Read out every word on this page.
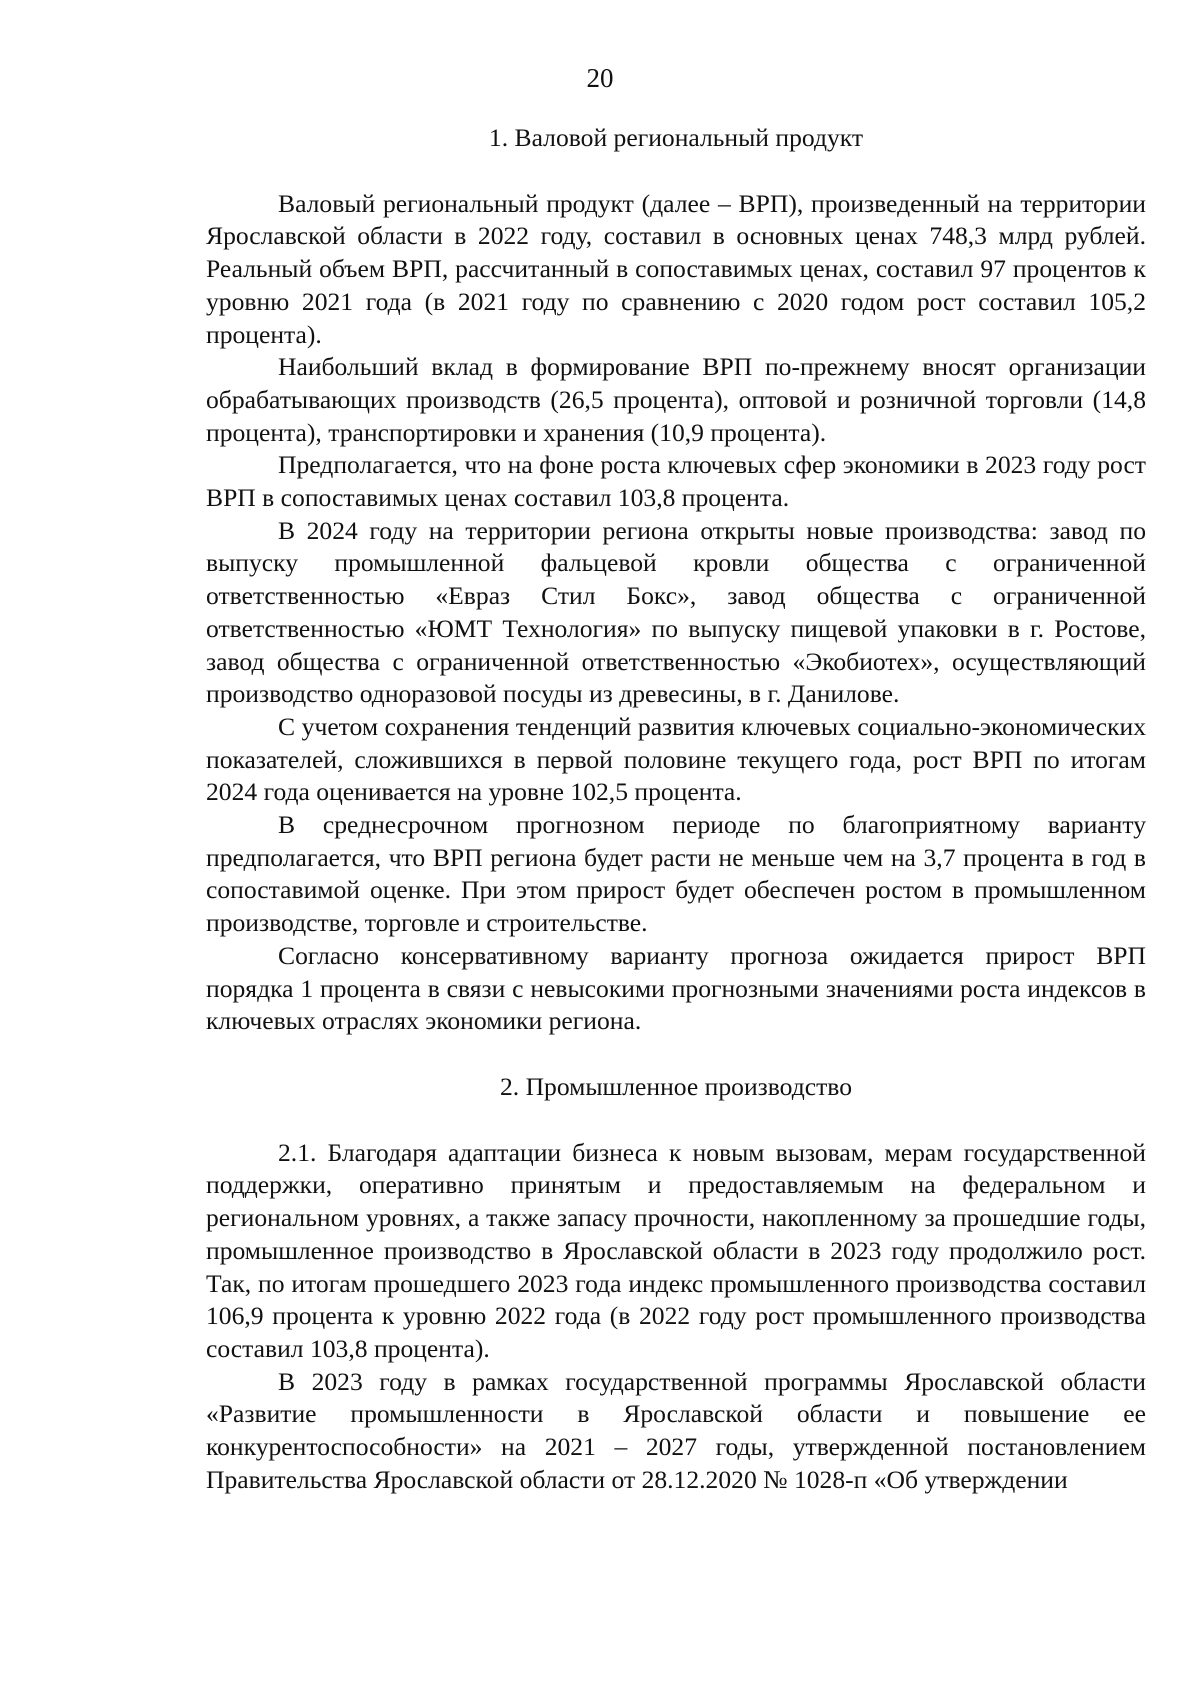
20

1. Валовой региональный продукт

Валовый региональный продукт (далее – ВРП), произведенный на территории Ярославской области в 2022 году, составил в основных ценах 748,3 млрд рублей. Реальный объем ВРП, рассчитанный в сопоставимых ценах, составил 97 процентов к уровню 2021 года (в 2021 году по сравнению с 2020 годом рост составил 105,2 процента).

Наибольший вклад в формирование ВРП по-прежнему вносят организации обрабатывающих производств (26,5 процента), оптовой и розничной торговли (14,8 процента), транспортировки и хранения (10,9 процента).

Предполагается, что на фоне роста ключевых сфер экономики в 2023 году рост ВРП в сопоставимых ценах составил 103,8 процента.

В 2024 году на территории региона открыты новые производства: завод по выпуску промышленной фальцевой кровли общества с ограниченной ответственностью «Евраз Стил Бокс», завод общества с ограниченной ответственностью «ЮМТ Технология» по выпуску пищевой упаковки в г. Ростове, завод общества с ограниченной ответственностью «Экобиотех», осуществляющий производство одноразовой посуды из древесины, в г. Данилове.

С учетом сохранения тенденций развития ключевых социально-экономических показателей, сложившихся в первой половине текущего года, рост ВРП по итогам 2024 года оценивается на уровне 102,5 процента.

В среднесрочном прогнозном периоде по благоприятному варианту предполагается, что ВРП региона будет расти не меньше чем на 3,7 процента в год в сопоставимой оценке. При этом прирост будет обеспечен ростом в промышленном производстве, торговле и строительстве.

Согласно консервативному варианту прогноза ожидается прирост ВРП порядка 1 процента в связи с невысокими прогнозными значениями роста индексов в ключевых отраслях экономики региона.

2. Промышленное производство

2.1. Благодаря адаптации бизнеса к новым вызовам, мерам государственной поддержки, оперативно принятым и предоставляемым на федеральном и региональном уровнях, а также запасу прочности, накопленному за прошедшие годы, промышленное производство в Ярославской области в 2023 году продолжило рост. Так, по итогам прошедшего 2023 года индекс промышленного производства составил 106,9 процента к уровню 2022 года (в 2022 году рост промышленного производства составил 103,8 процента).

В 2023 году в рамках государственной программы Ярославской области «Развитие промышленности в Ярославской области и повышение ее конкурентоспособности» на 2021 – 2027 годы, утвержденной постановлением Правительства Ярославской области от 28.12.2020 № 1028-п «Об утверждении
